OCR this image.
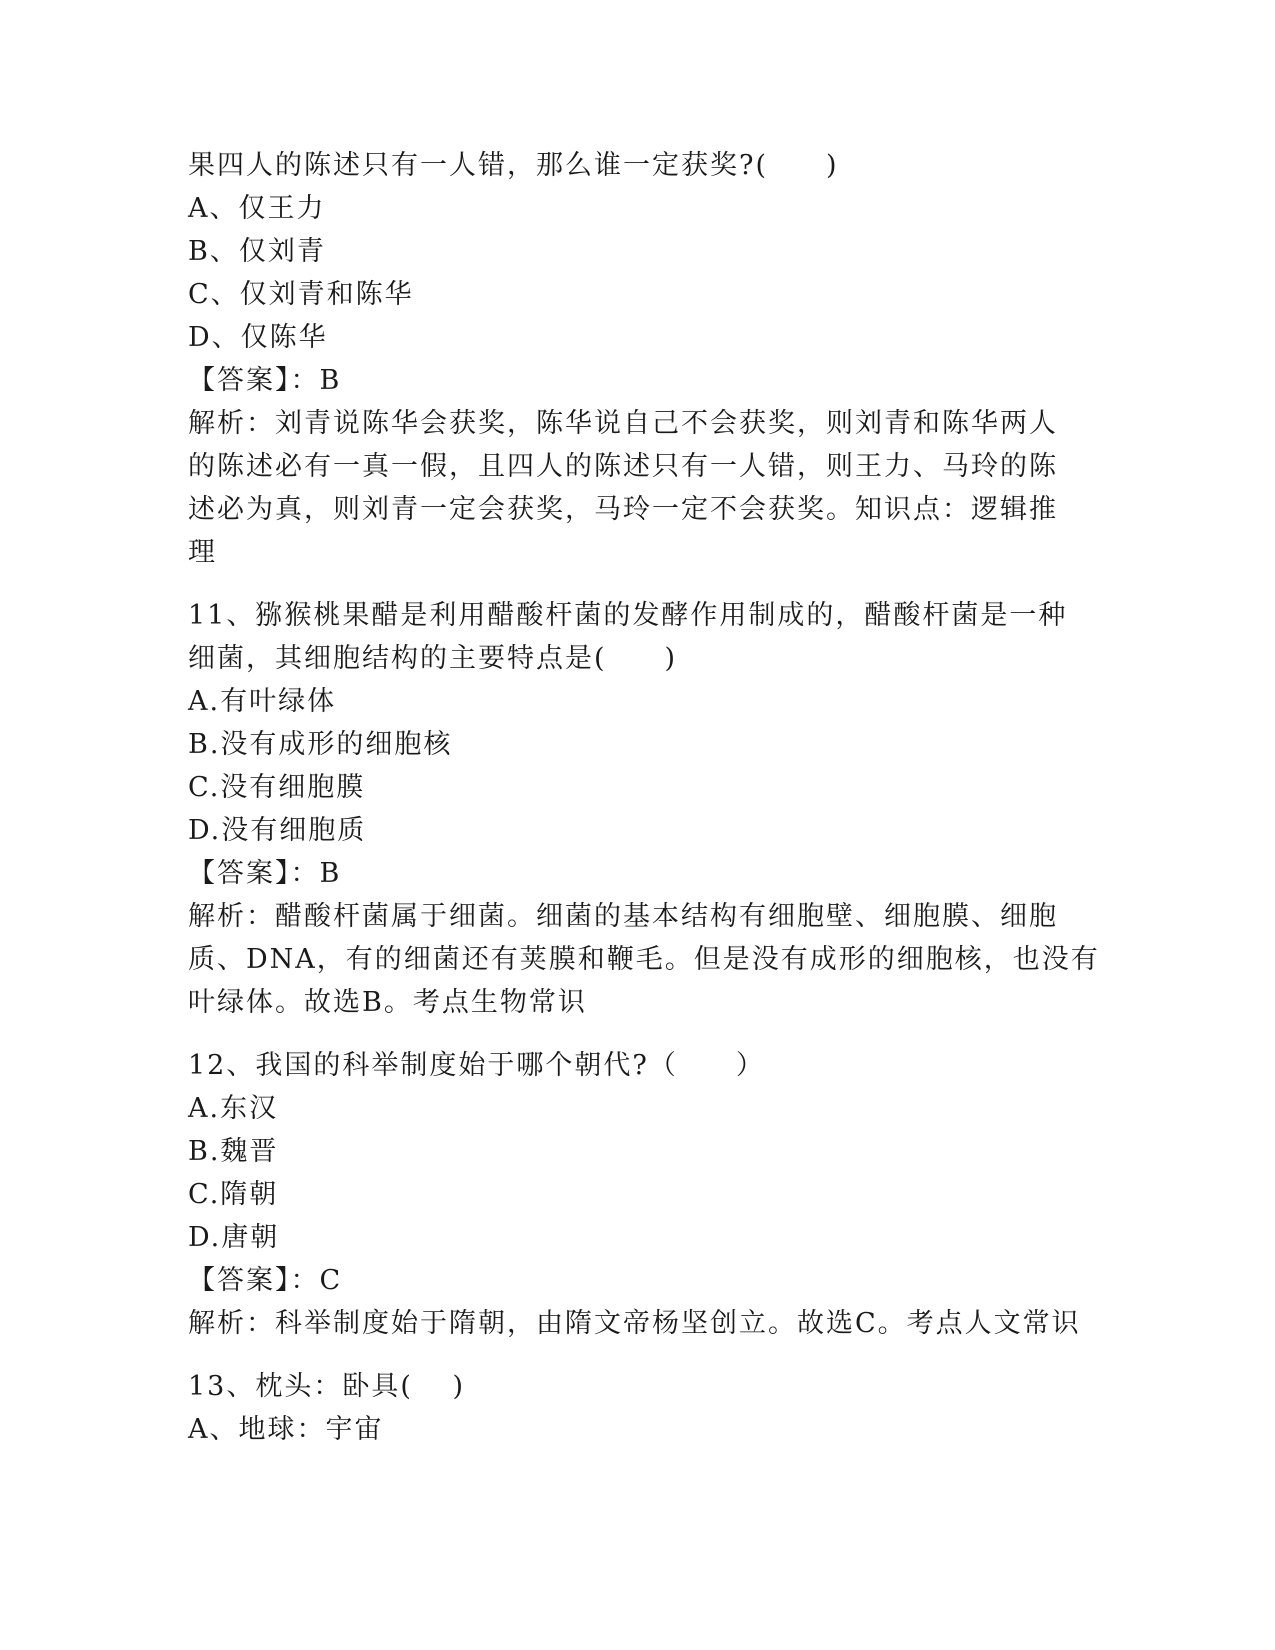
果四人的陈述只有一人错，那么谁一定获奖?(　　)
A、仅王力
B、仅刘青
C、仅刘青和陈华
D、仅陈华
【答案】：B
解析：刘青说陈华会获奖，陈华说自己不会获奖，则刘青和陈华两人
的陈述必有一真一假，且四人的陈述只有一人错，则王力、马玲的陈
述必为真，则刘青一定会获奖，马玲一定不会获奖。知识点：逻辑推
理
11、猕猴桃果醋是利用醋酸杆菌的发酵作用制成的，醋酸杆菌是一种
细菌，其细胞结构的主要特点是(　　)
A.有叶绿体
B.没有成形的细胞核
C.没有细胞膜
D.没有细胞质
【答案】：B
解析：醋酸杆菌属于细菌。细菌的基本结构有细胞壁、细胞膜、细胞
质、DNA，有的细菌还有荚膜和鞭毛。但是没有成形的细胞核，也没有
叶绿体。故选B。考点生物常识
12、我国的科举制度始于哪个朝代?（　　）
A.东汉
B.魏晋
C.隋朝
D.唐朝
【答案】：C
解析：科举制度始于隋朝，由隋文帝杨坚创立。故选C。考点人文常识
13、枕头：卧具(　 )
A、地球：宇宙
